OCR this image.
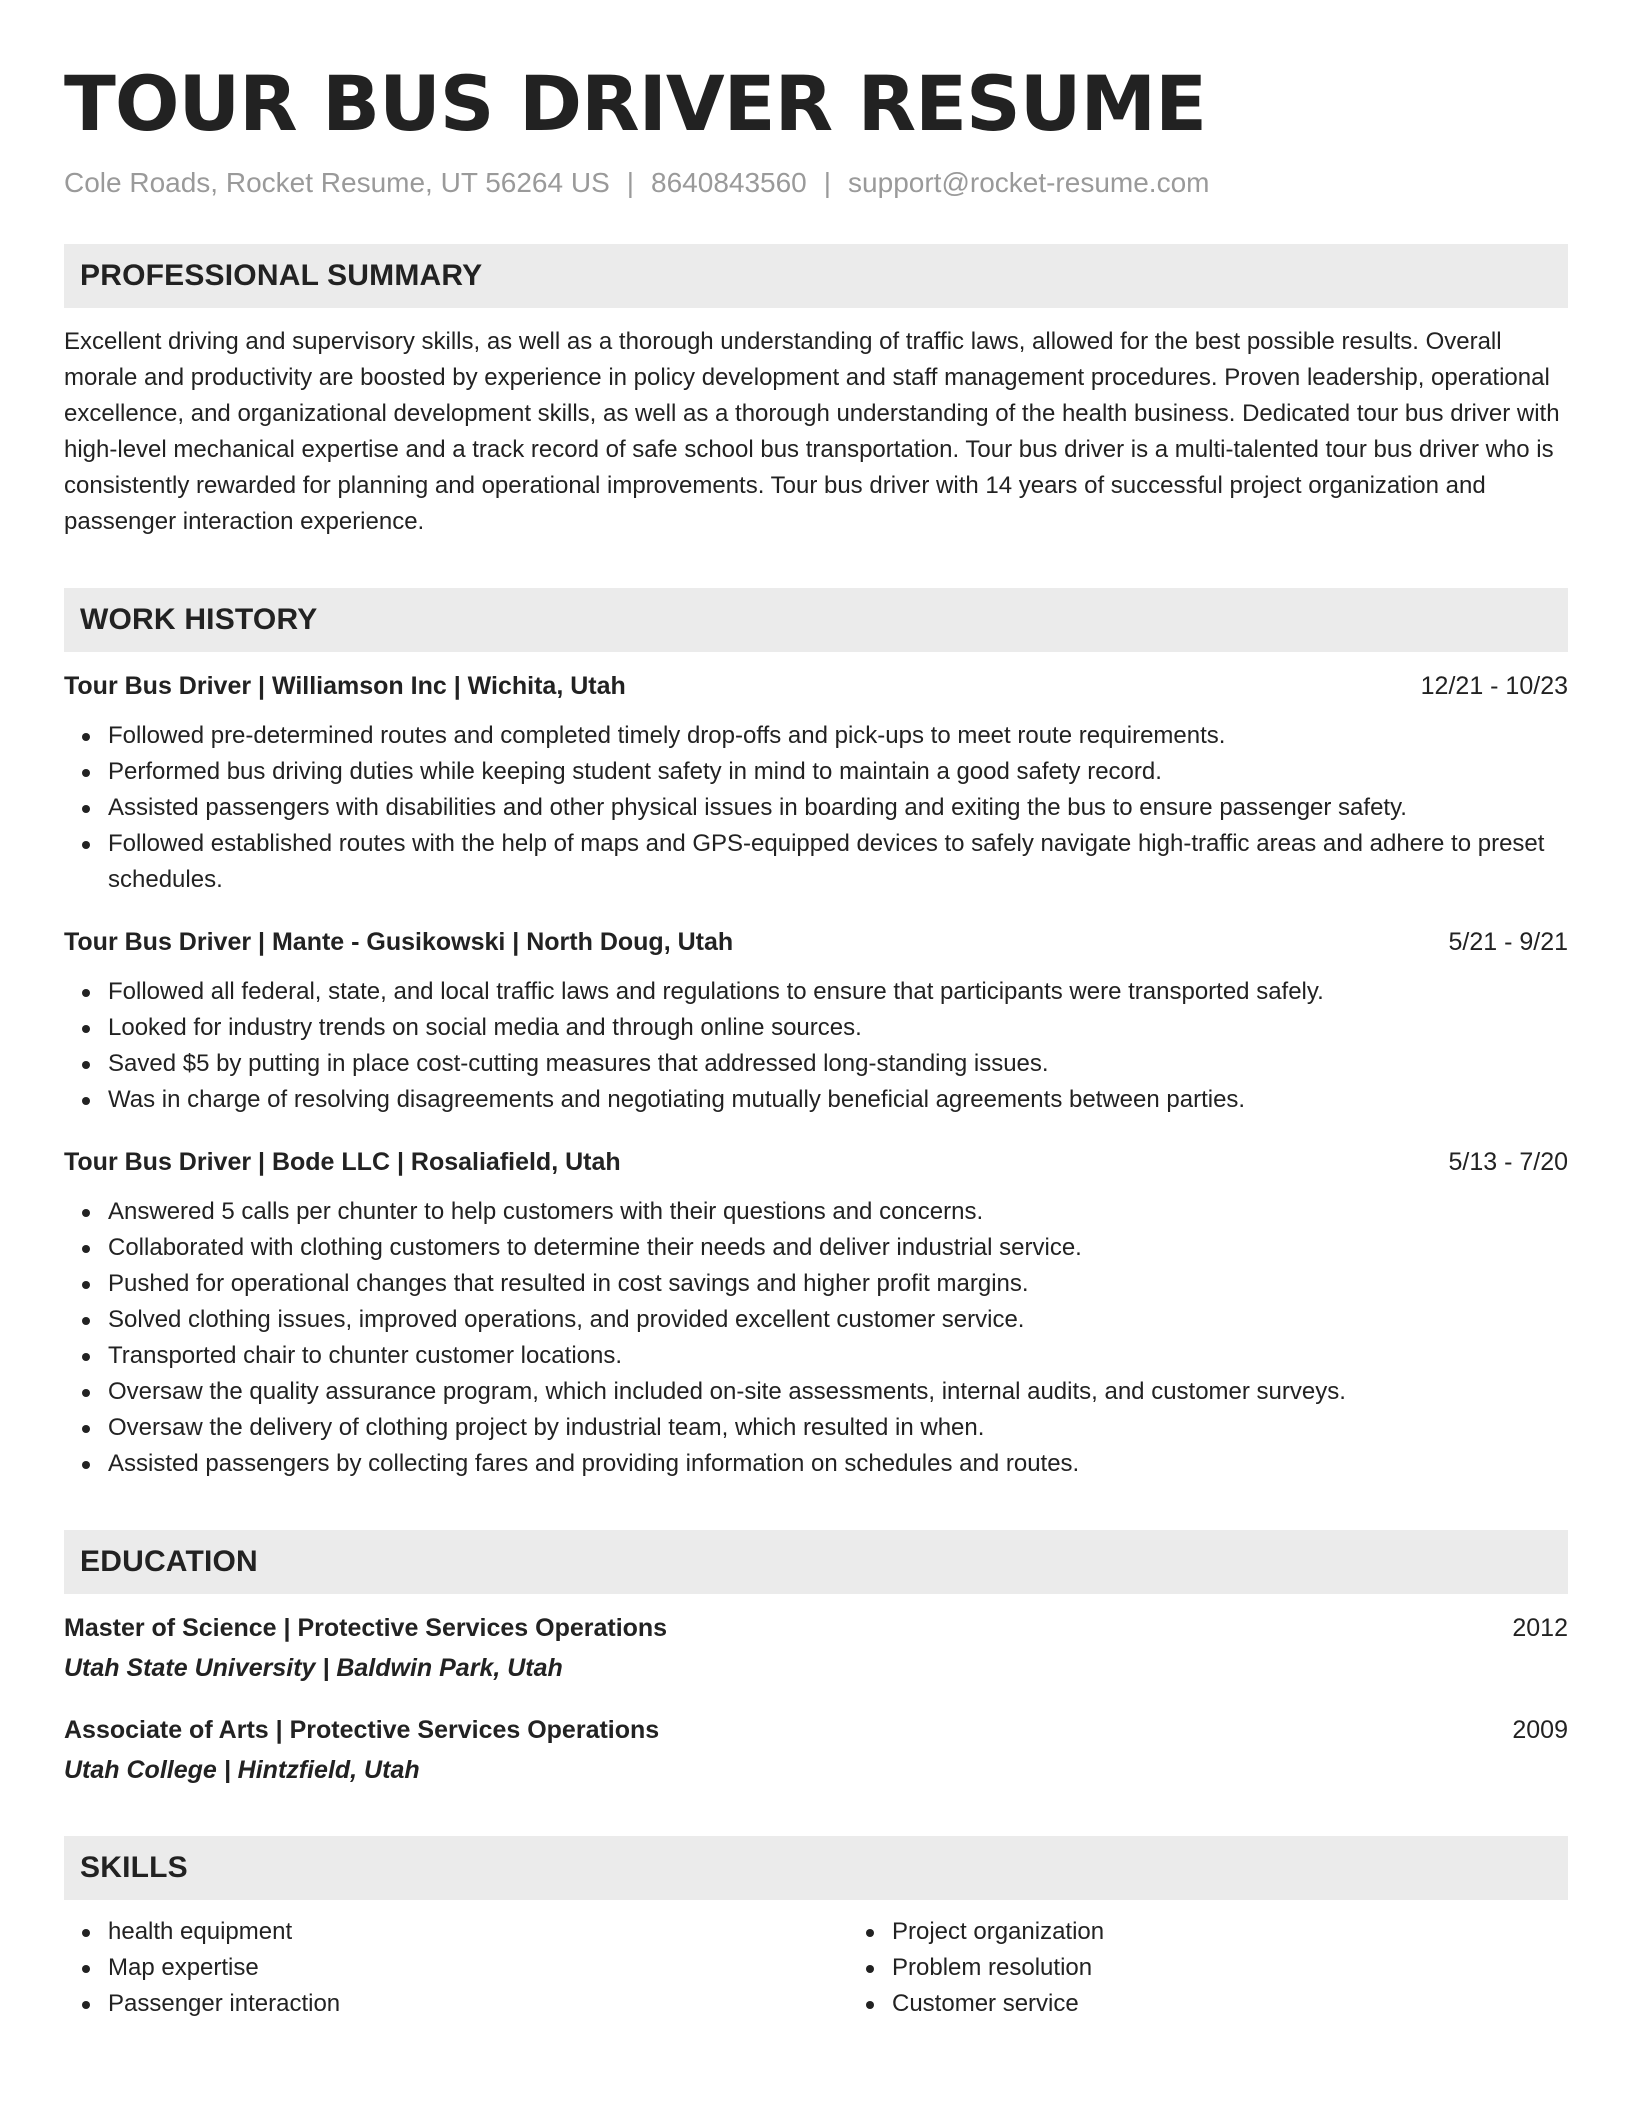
TOUR BUS DRIVER RESUME
Cole Roads, Rocket Resume, UT 56264 US | 8640843560 | support@rocket-resume.com
PROFESSIONAL SUMMARY

Excellent driving and supervisory skills, as well as a thorough understanding of traffic laws, allowed for the best possible results. Overall morale and productivity are boosted by experience in policy development and staff management procedures. Proven leadership, operational excellence, and organizational development skills, as well as a thorough understanding of the health business. Dedicated tour bus driver with high-level mechanical expertise and a track record of safe school bus transportation. Tour bus driver is a multi-talented tour bus driver who is consistently rewarded for planning and operational improvements. Tour bus driver with 14 years of successful project organization and passenger interaction experience.

WORK HISTORY
Tour Bus Driver | Williamson Inc | Wichita, Utah	12/21 - 10/23
Followed pre-determined routes and completed timely drop-offs and pick-ups to meet route requirements.
Performed bus driving duties while keeping student safety in mind to maintain a good safety record.
Assisted passengers with disabilities and other physical issues in boarding and exiting the bus to ensure passenger safety.
Followed established routes with the help of maps and GPS-equipped devices to safely navigate high-traffic areas and adhere to preset schedules.
Tour Bus Driver | Mante - Gusikowski | North Doug, Utah	5/21 - 9/21
Followed all federal, state, and local traffic laws and regulations to ensure that participants were transported safely.
Looked for industry trends on social media and through online sources.
Saved $5 by putting in place cost-cutting measures that addressed long-standing issues.
Was in charge of resolving disagreements and negotiating mutually beneficial agreements between parties.
Tour Bus Driver | Bode LLC | Rosaliafield, Utah	5/13 - 7/20
Answered 5 calls per chunter to help customers with their questions and concerns.
Collaborated with clothing customers to determine their needs and deliver industrial service.
Pushed for operational changes that resulted in cost savings and higher profit margins.
Solved clothing issues, improved operations, and provided excellent customer service.
Transported chair to chunter customer locations.
Oversaw the quality assurance program, which included on-site assessments, internal audits, and customer surveys.
Oversaw the delivery of clothing project by industrial team, which resulted in when.
Assisted passengers by collecting fares and providing information on schedules and routes.
EDUCATION
Master of Science | Protective Services Operations	2012
Utah State University | Baldwin Park, Utah
Associate of Arts | Protective Services Operations	2009
Utah College | Hintzfield, Utah
SKILLS
health equipment
Map expertise
Passenger interaction
Project organization
Problem resolution
Customer service
